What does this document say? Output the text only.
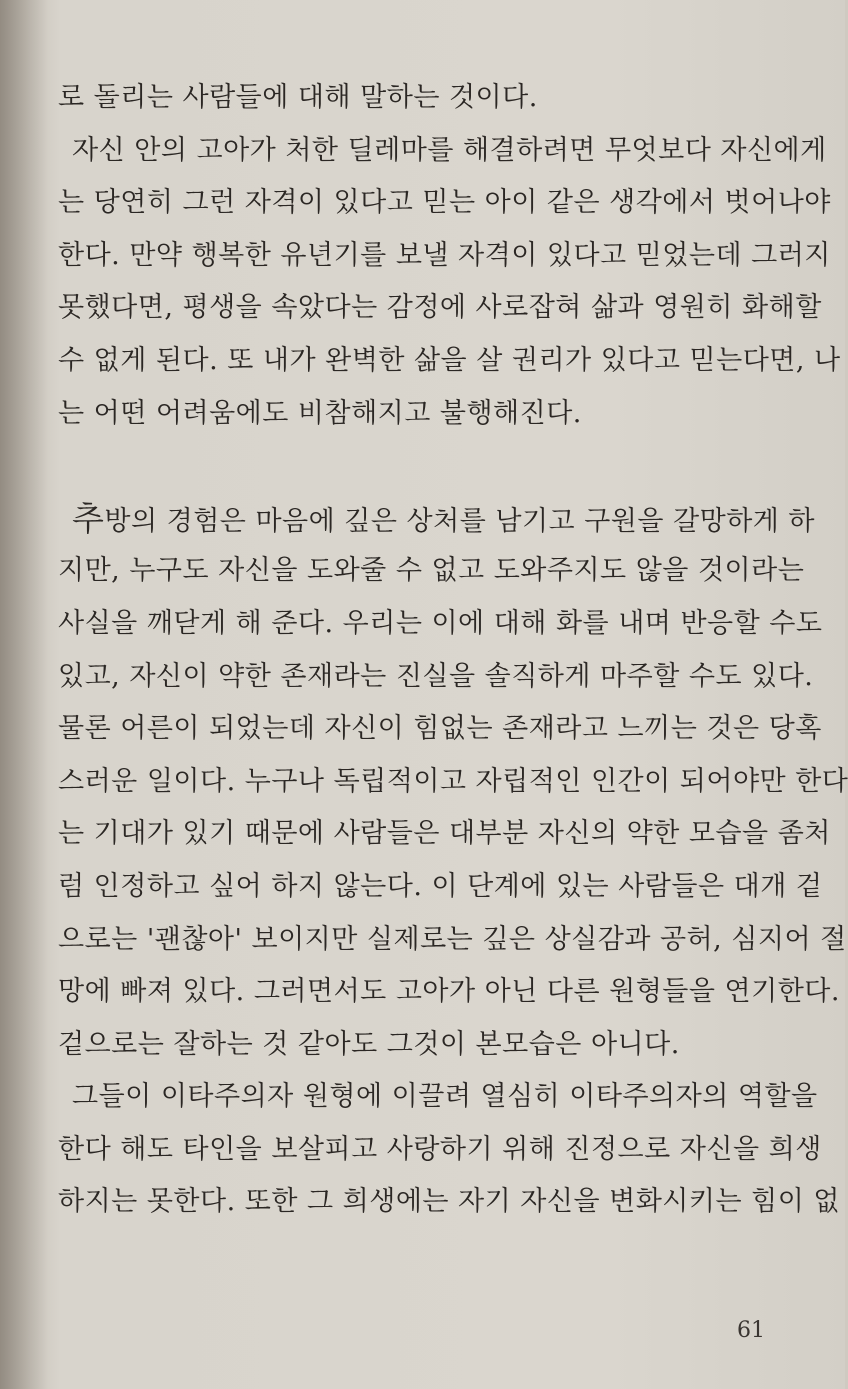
로 돌리는 사람들에 대해 말하는 것이다.
자신 안의 고아가 처한 딜레마를 해결하려면 무엇보다 자신에게
는 당연히 그런 자격이 있다고 믿는 아이 같은 생각에서 벗어나야
한다. 만약 행복한 유년기를 보낼 자격이 있다고 믿었는데 그러지
못했다면, 평생을 속았다는 감정에 사로잡혀 삶과 영원히 화해할
수 없게 된다. 또 내가 완벽한 삶을 살 권리가 있다고 믿는다면, 나
는 어떤 어려움에도 비참해지고 불행해진다.
추방의 경험은 마음에 깊은 상처를 남기고 구원을 갈망하게 하
지만, 누구도 자신을 도와줄 수 없고 도와주지도 않을 것이라는
사실을 깨닫게 해 준다. 우리는 이에 대해 화를 내며 반응할 수도
있고, 자신이 약한 존재라는 진실을 솔직하게 마주할 수도 있다.
물론 어른이 되었는데 자신이 힘없는 존재라고 느끼는 것은 당혹
스러운 일이다. 누구나 독립적이고 자립적인 인간이 되어야만 한다
는 기대가 있기 때문에 사람들은 대부분 자신의 약한 모습을 좀처
럼 인정하고 싶어 하지 않는다. 이 단계에 있는 사람들은 대개 겉
으로는 '괜찮아' 보이지만 실제로는 깊은 상실감과 공허, 심지어 절
망에 빠져 있다. 그러면서도 고아가 아닌 다른 원형들을 연기한다.
겉으로는 잘하는 것 같아도 그것이 본모습은 아니다.
그들이 이타주의자 원형에 이끌려 열심히 이타주의자의 역할을
한다 해도 타인을 보살피고 사랑하기 위해 진정으로 자신을 희생
하지는 못한다. 또한 그 희생에는 자기 자신을 변화시키는 힘이 없
61
